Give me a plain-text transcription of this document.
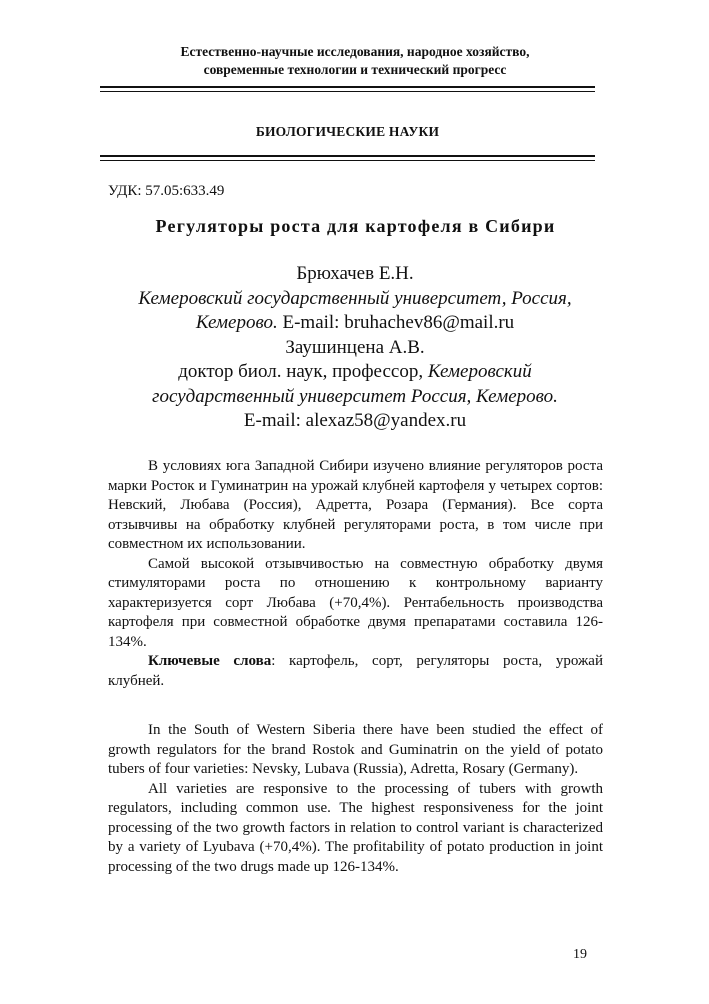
Естественно-научные исследования, народное хозяйство,
современные технологии и технический прогресс
БИОЛОГИЧЕСКИЕ НАУКИ
УДК: 57.05:633.49
Регуляторы роста для картофеля в Сибири
Брюхачев Е.Н.
Кемеровский государственный университет, Россия,
Кемерово. E-mail: bruhachev86@mail.ru
Заушинцена А.В.
доктор биол. наук, профессор, Кемеровский
государственный университет Россия, Кемерово.
E-mail: alexaz58@yandex.ru

В условиях юга Западной Сибири изучено влияние регуляторов роста марки Росток и Гуминатрин на урожай клубней картофеля у четырех сортов: Невский, Любава (Россия), Адретта, Розара (Германия). Все сорта отзывчивы на обработку клубней регуляторами роста, в том числе при совместном их использовании.

Самой высокой отзывчивостью на совместную обработку двумя стимуляторами роста по отношению к контрольному варианту характеризуется сорт Любава (+70,4%). Рентабельность производства картофеля при совместной обработке двумя препаратами составила 126-134%.

Ключевые слова: картофель, сорт, регуляторы роста, урожай клубней.

In the South of Western Siberia there have been studied the effect of growth regulators for the brand Rostok and Guminatrin on the yield of potato tubers of four varieties: Nevsky, Lubava (Russia), Adretta, Rosary (Germany).

All varieties are responsive to the processing of tubers with growth regulators, including common use. The highest responsiveness for the joint processing of the two growth factors in relation to control variant is characterized by a variety of Lyubava (+70,4%). The profitability of potato production in joint processing of the two drugs made up 126-134%.

19
